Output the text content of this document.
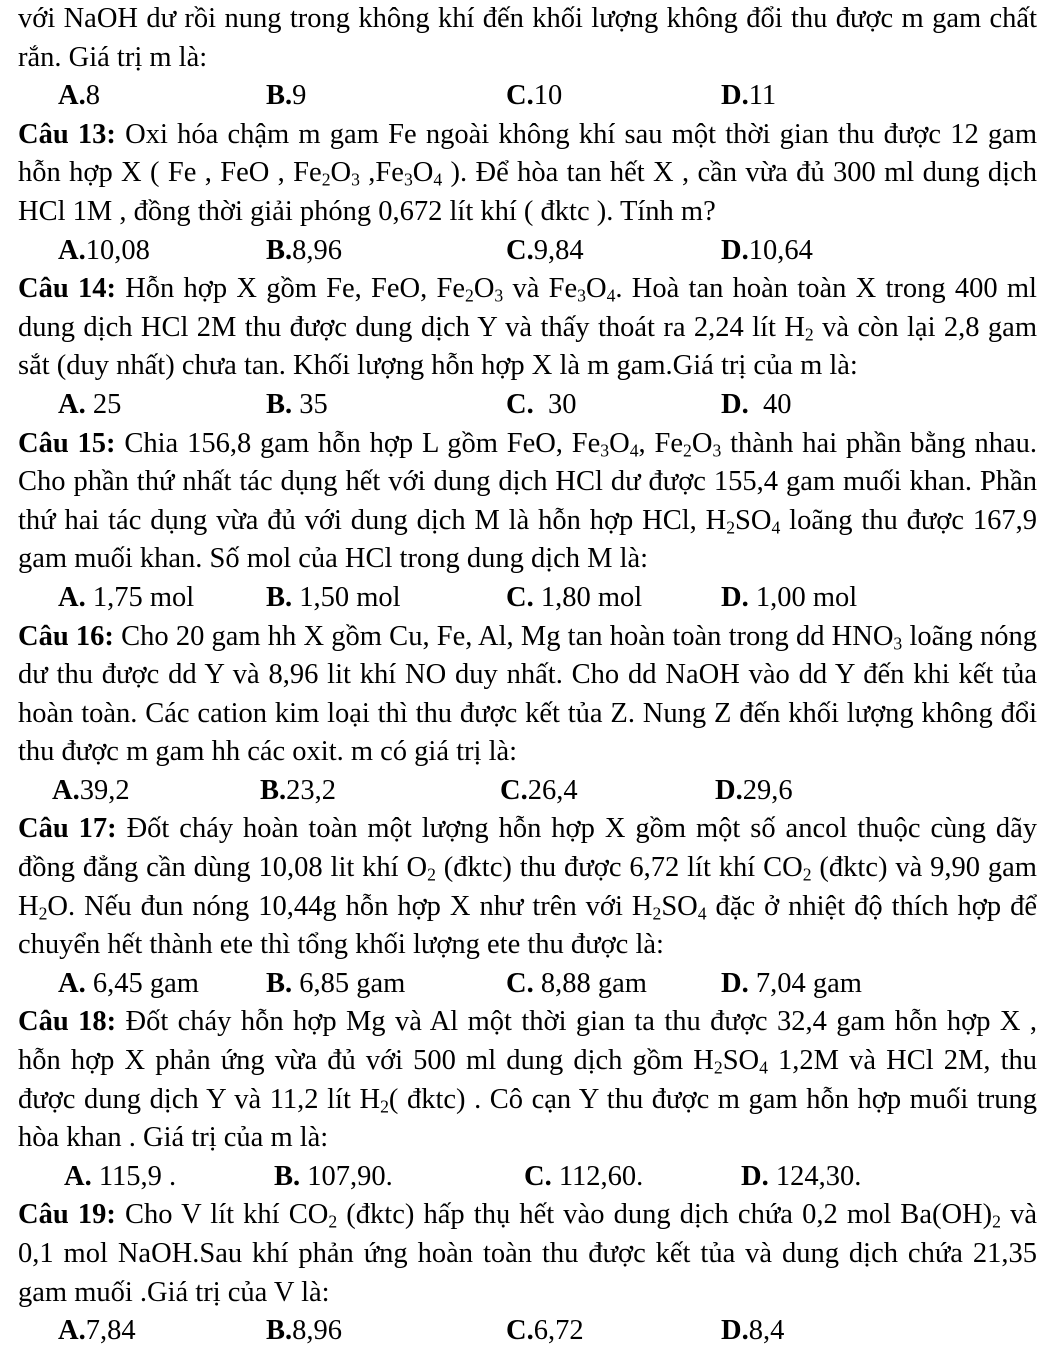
với NaOH dư rồi nung trong không khí đến khối lượng không đổi thu được m gam chất rắn. Giá trị m là:

A.8	B.9	C.10	D.11

Câu 13: Oxi hóa chậm m gam Fe ngoài không khí sau một thời gian thu được 12 gam hỗn hợp X ( Fe , FeO , $Fe_2O_3$ $,Fe_3O_4$ ). Để hòa tan hết X , cần vừa đủ 300 ml dung dịch HCl 1M , đồng thời giải phóng 0,672 lít khí ( đktc ). Tính m?

A.10,08	B.8,96	C.9,84	D.10,64

Câu 14: Hỗn hợp X gồm Fe, FeO, $Fe_2O_3$ và $Fe_3O_4$. Hoà tan hoàn toàn X trong 400 ml dung dịch HCl 2M thu được dung dịch Y và thấy thoát ra 2,24 lít $H_2$ và còn lại 2,8 gam sắt (duy nhất) chưa tan. Khối lượng hỗn hợp X là m gam.Giá trị của m là:

A. 25	B. 35	C.  30	D.  40

Câu 15: Chia 156,8 gam hỗn hợp L gồm FeO, $Fe_3O_4$, $Fe_2O_3$ thành hai phần bằng nhau. Cho phần thứ nhất tác dụng hết với dung dịch HCl dư được 155,4 gam muối khan. Phần thứ hai tác dụng vừa đủ với dung dịch M là hỗn hợp HCl, $H_2SO_4$ loãng thu được 167,9 gam muối khan. Số mol của HCl trong dung dịch M là:

A. 1,75 mol	B. 1,50 mol	C. 1,80 mol	D. 1,00 mol

Câu 16: Cho 20 gam hh X gồm Cu, Fe, Al, Mg tan hoàn toàn trong dd $HNO_3$ loãng nóng dư thu được dd Y và 8,96 lit khí NO duy nhất. Cho dd NaOH vào dd Y đến khi kết tủa hoàn toàn. Các cation kim loại thì thu được kết tủa Z. Nung Z đến khối lượng không đổi thu được m gam hh các oxit. m có giá trị là:

A.39,2	B.23,2	C.26,4	D.29,6

Câu 17: Đốt cháy hoàn toàn một lượng hỗn hợp X gồm một số ancol thuộc cùng dãy đồng đẳng cần dùng 10,08 lit khí $O_2$ (đktc) thu được 6,72 lít khí $CO_2$ (đktc) và 9,90 gam $H_2O$. Nếu đun nóng 10,44g hỗn hợp X như trên với $H_2SO_4$ đặc ở nhiệt độ thích hợp để chuyển hết thành ete thì tổng khối lượng ete thu được là:

A. 6,45 gam	B. 6,85 gam	C. 8,88 gam	D. 7,04 gam

Câu 18: Đốt cháy hỗn hợp Mg và Al một thời gian ta thu được 32,4 gam hỗn hợp X , hỗn hợp X phản ứng vừa đủ với 500 ml dung dịch gồm $H_2SO_4$ 1,2M và HCl 2M, thu được dung dịch Y và 11,2 lít $H_2$( đktc) . Cô cạn Y thu được m gam hỗn hợp muối trung hòa khan . Giá trị của m là:

A. 115,9 .	B. 107,90.	C. 112,60.	D. 124,30.

Câu 19: Cho V lít khí $CO_2$ (đktc) hấp thụ hết vào dung dịch chứa 0,2 mol $Ba(OH)_2$ và 0,1 mol NaOH.Sau khí phản ứng hoàn toàn thu được kết tủa và dung dịch chứa 21,35 gam muối .Giá trị của V là:

A.7,84	B.8,96	C.6,72	D.8,4
